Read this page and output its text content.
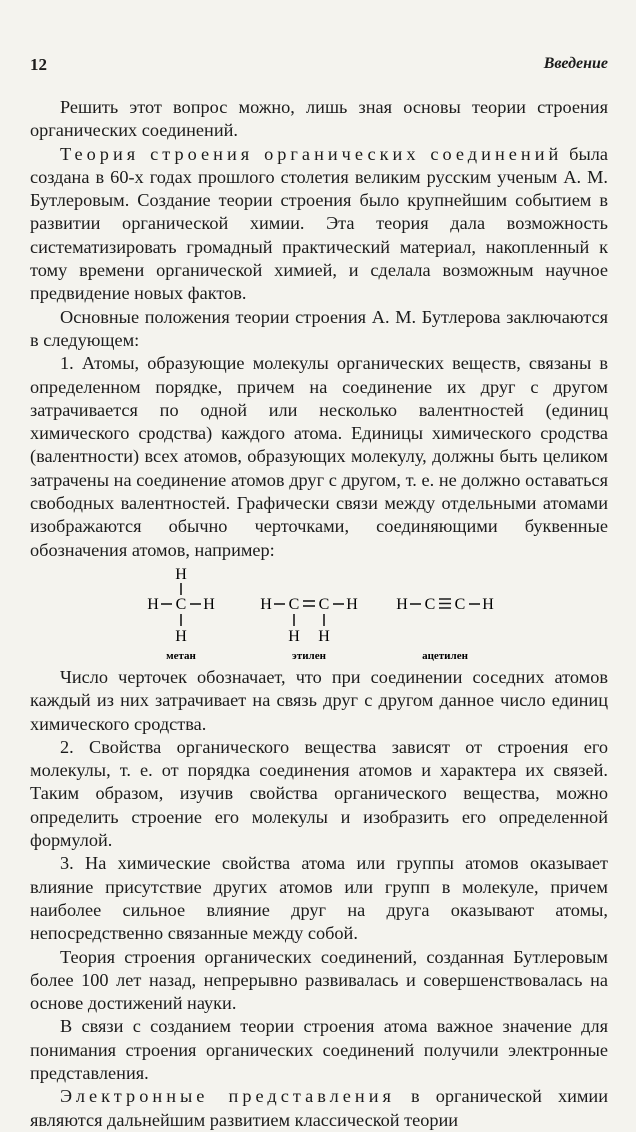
12	Введение

Решить этот вопрос можно, лишь зная основы теории строения органических соединений.

Теория строения органических соединений была создана в 60-х годах прошлого столетия великим русским ученым А. М. Бутлеровым. Создание теории строения было крупнейшим событием в развитии органической химии. Эта теория дала возможность систематизировать громадный практический материал, накопленный к тому времени органической химией, и сделала возможным научное предвидение новых фактов.

Основные положения теории строения А. М. Бутлерова заключаются в следующем:

1. Атомы, образующие молекулы органических веществ, связаны в определенном порядке, причем на соединение их друг с другом затрачивается по одной или несколько валентностей (единиц химического сродства) каждого атома. Единицы химического сродства (валентности) всех атомов, образующих молекулу, должны быть целиком затрачены на соединение атомов друг с другом, т. е. не должно оставаться свободных валентностей. Графически связи между отдельными атомами изображаются обычно черточками, соединяющими буквенные обозначения атомов, например:

H
H C H
H
метан
H C C H
H H
этилен
H C C H
ацетилен

Число черточек обозначает, что при соединении соседних атомов каждый из них затрачивает на связь друг с другом данное число единиц химического сродства.

2. Свойства органического вещества зависят от строения его молекулы, т. е. от порядка соединения атомов и характера их связей. Таким образом, изучив свойства органического вещества, можно определить строение его молекулы и изобразить его определенной формулой.

3. На химические свойства атома или группы атомов оказывает влияние присутствие других атомов или групп в молекуле, причем наиболее сильное влияние друг на друга оказывают атомы, непосредственно связанные между собой.

Теория строения органических соединений, созданная Бутлеровым более 100 лет назад, непрерывно развивалась и совершенствовалась на основе достижений науки.

В связи с созданием теории строения атома важное значение для понимания строения органических соединений получили электронные представления.

Электронные представления в органической химии являются дальнейшим развитием классической теории
